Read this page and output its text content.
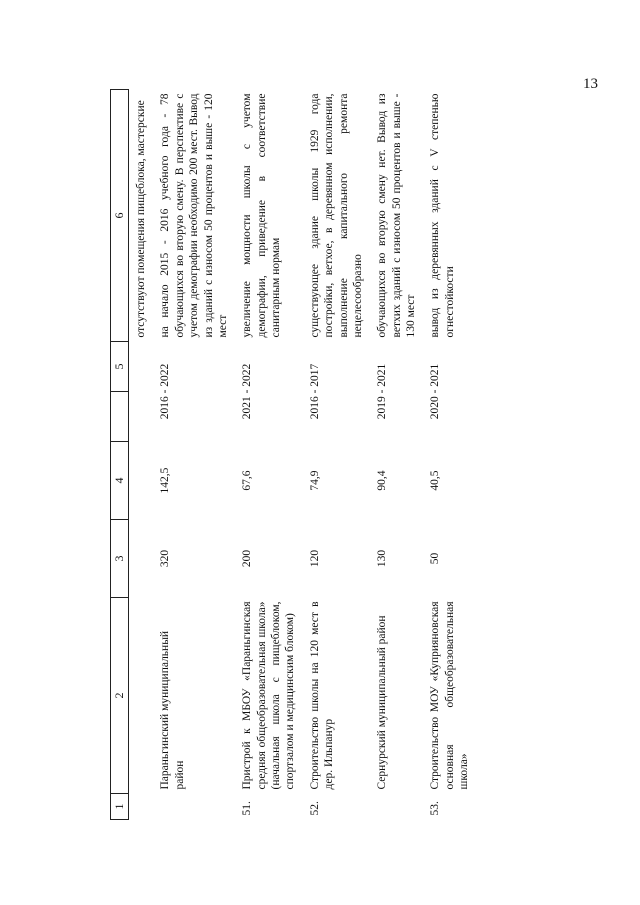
13
1	2	3	4		5	6
						отсутствуют помещения пищеблока, мастерские
	Параньгинский муниципальный район	320	142,5	2016 - 2022		на начало 2015 - 2016 учебного года - 78 обучающихся во вторую смену. В перспективе с учетом демографии необходимо 200 мест. Вывод из зданий с износом 50 процентов и выше - 120 мест
51.	Пристрой к МБОУ «Параньгинская средняя общеобразовательная школа» (начальная школа с пищеблоком, спортзалом и медицинским блоком)	200	67,6	2021 - 2022		увеличение мощности школы с учетом демографии, приведение в соответствие санитарным нормам
52.	Строительство школы на 120 мест в дер. Ильпанур	120	74,9	2016 - 2017		существующее здание школы 1929 года постройки, ветхое, в деревянном исполнении, выполнение капитального ремонта нецелесообразно
	Сернурский муниципальный район	130	90,4	2019 - 2021		обучающихся во вторую смену нет. Вывод из ветхих зданий с износом 50 процентов и выше - 130 мест
53.	Строительство МОУ «Куприяновская основная общеобразовательная школа»	50	40,5	2020 - 2021		вывод из деревянных зданий с V степенью огнестойкости
